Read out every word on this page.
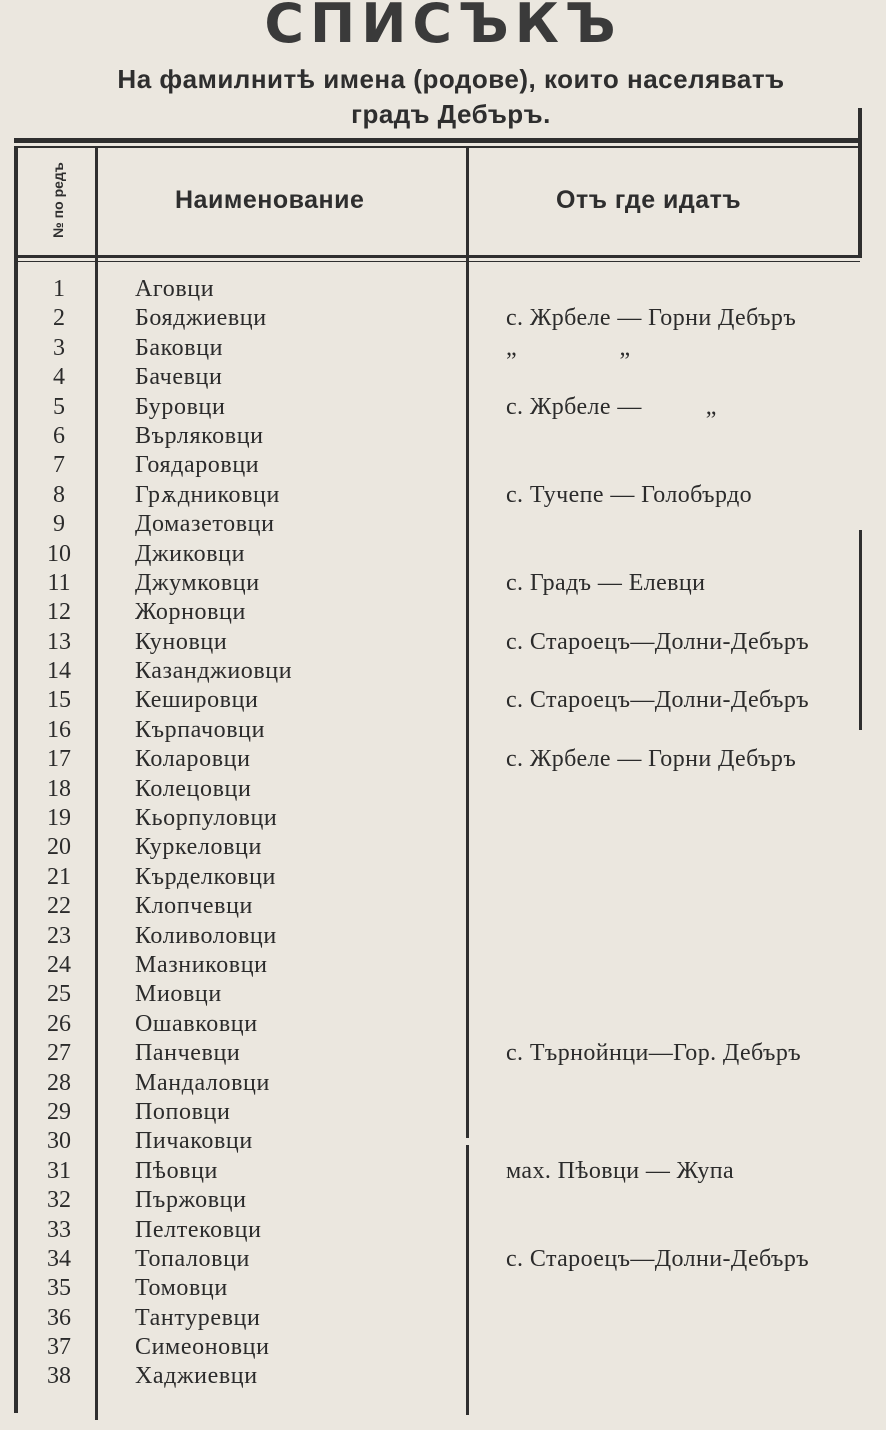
СПИСЪКЪ
На фамилнитѣ имена (родове), които населяватъ
градъ Дебъръ.
№ по редъ	Наименование	Отъ где идатъ
1	Аговци
2	Бояджиевци	с. Жрбеле — Горни Дебъръ
3	Баковци	„                „
4	Бачевци
5	Буровци	с. Жрбеле —          „
6	Върляковци
7	Гоядаровци
8	Грѫдниковци	с. Тучепе — Голобърдо
9	Домазетовци
10	Джиковци
11	Джумковци	с. Градъ — Елевци
12	Жорновци
13	Куновци	с. Староецъ—Долни-Дебъръ
14	Казанджиовци
15	Кешировци	с. Староецъ—Долни-Дебъръ
16	Кърпачовци
17	Коларовци	с. Жрбеле — Горни Дебъръ
18	Колецовци
19	Кьорпуловци
20	Куркеловци
21	Кърделковци
22	Клопчевци
23	Коливоловци
24	Мазниковци
25	Миовци
26	Ошавковци
27	Панчевци	с. Търнойнци—Гор. Дебъръ
28	Мандаловци
29	Поповци
30	Пичаковци
31	Пѣовци	мах. Пѣовци — Жупа
32	Пържовци
33	Пелтековци
34	Топаловци	с. Староецъ—Долни-Дебъръ
35	Томовци
36	Тантуревци
37	Симеоновци
38	Хаджиевци
